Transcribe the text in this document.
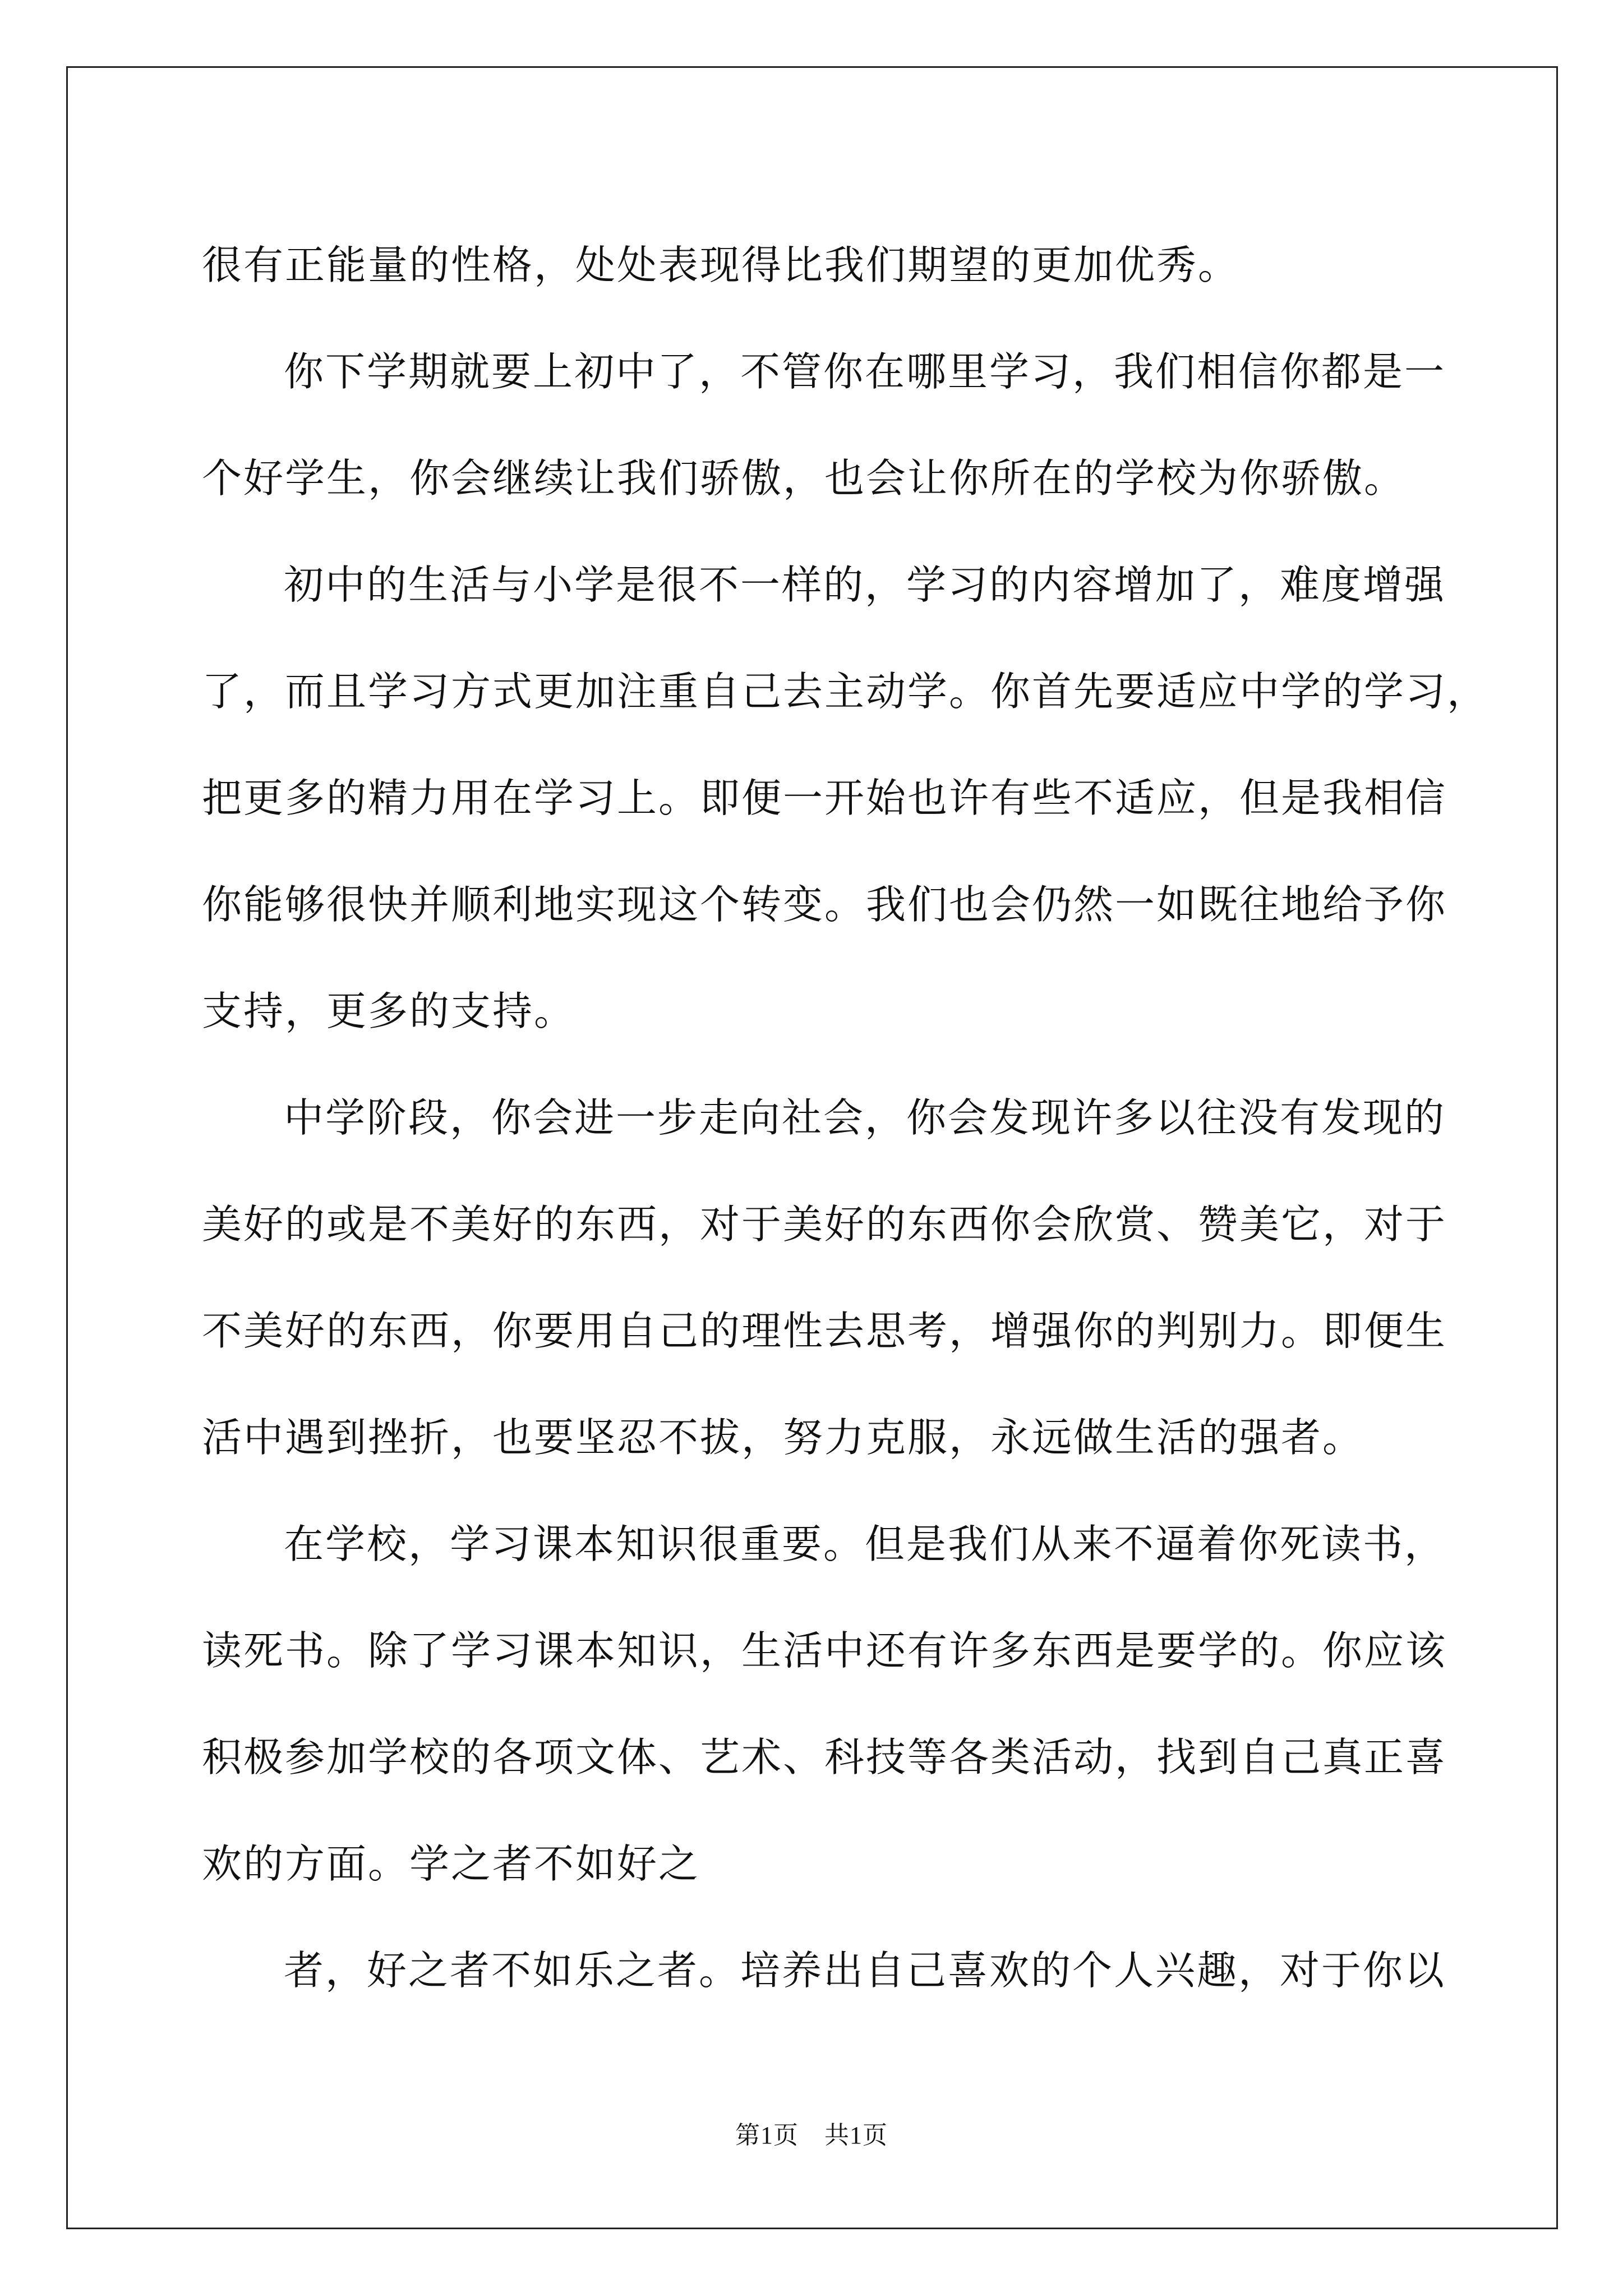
很有正能量的性格，处处表现得比我们期望的更加优秀。
你下学期就要上初中了，不管你在哪里学习，我们相信你都是一
个好学生，你会继续让我们骄傲，也会让你所在的学校为你骄傲。
初中的生活与小学是很不一样的，学习的内容增加了，难度增强
了，而且学习方式更加注重自己去主动学。你首先要适应中学的学习，
把更多的精力用在学习上。即便一开始也许有些不适应，但是我相信
你能够很快并顺利地实现这个转变。我们也会仍然一如既往地给予你
支持，更多的支持。
中学阶段，你会进一步走向社会，你会发现许多以往没有发现的
美好的或是不美好的东西，对于美好的东西你会欣赏、赞美它，对于
不美好的东西，你要用自己的理性去思考，增强你的判别力。即便生
活中遇到挫折，也要坚忍不拔，努力克服，永远做生活的强者。
在学校，学习课本知识很重要。但是我们从来不逼着你死读书，
读死书。除了学习课本知识，生活中还有许多东西是要学的。你应该
积极参加学校的各项文体、艺术、科技等各类活动，找到自己真正喜
欢的方面。学之者不如好之
者，好之者不如乐之者。培养出自己喜欢的个人兴趣，对于你以
第1页 共1页
